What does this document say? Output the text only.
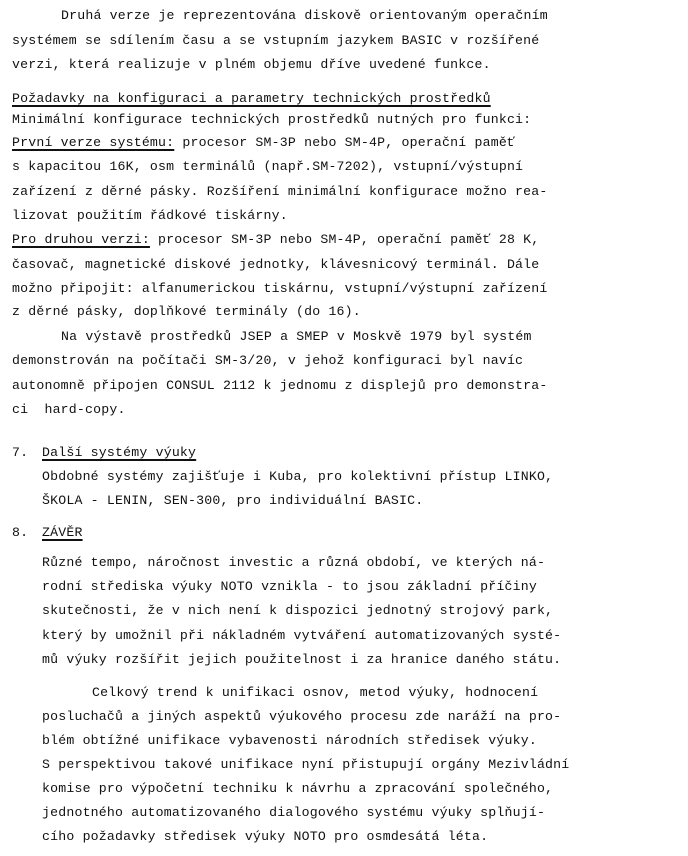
Druhá verze je reprezentována diskově orientovaným operačním
systémem se sdílením času a se vstupním jazykem BASIC v rozšířené
verzi, která realizuje v plném objemu dříve uvedené funkce.
Požadavky na konfiguraci a parametry technických prostředků
Minimální konfigurace technických prostředků nutných pro funkci:
První verze systému: procesor SM-3P nebo SM-4P, operační paměť
s kapacitou 16K, osm terminálů (např.SM-7202), vstupní/výstupní
zařízení z děrné pásky. Rozšíření minimální konfigurace možno rea-
lizovat použitím řádkové tiskárny.
Pro druhou verzi: procesor SM-3P nebo SM-4P, operační paměť 28 K,
časovač, magnetické diskové jednotky, klávesnicový terminál. Dále
možno připojit: alfanumerickou tiskárnu, vstupní/výstupní zařízení
z děrné pásky, doplňkové terminály (do 16).
Na výstavě prostředků JSEP a SMEP v Moskvě 1979 byl systém
demonstrován na počítači SM-3/20, v jehož konfiguraci byl navíc
autonomně připojen CONSUL 2112 k jednomu z displejů pro demonstra-
ci  hard-copy.
7. Další systémy výuky
Obdobné systémy zajišťuje i Kuba, pro kolektivní přístup LINKO,
ŠKOLA - LENIN, SEN-300, pro individuální BASIC.
8. ZÁVĚR
Různé tempo, náročnost investic a různá období, ve kterých ná-
rodní střediska výuky NOTO vznikla - to jsou základní příčiny
skutečnosti, že v nich není k dispozici jednotný strojový park,
který by umožnil při nákladném vytváření automatizovaných systé-
mů výuky rozšířit jejich použitelnost i za hranice daného státu.
Celkový trend k unifikaci osnov, metod výuky, hodnocení
posluchačů a jiných aspektů výukového procesu zde naráží na pro-
blém obtížné unifikace vybavenosti národních středisek výuky.
S perspektivou takové unifikace nyní přistupují orgány Mezivládní
komise pro výpočetní techniku k návrhu a zpracování společného,
jednotného automatizovaného dialogového systému výuky splňují-
cího požadavky středisek výuky NOTO pro osmdesátá léta.
